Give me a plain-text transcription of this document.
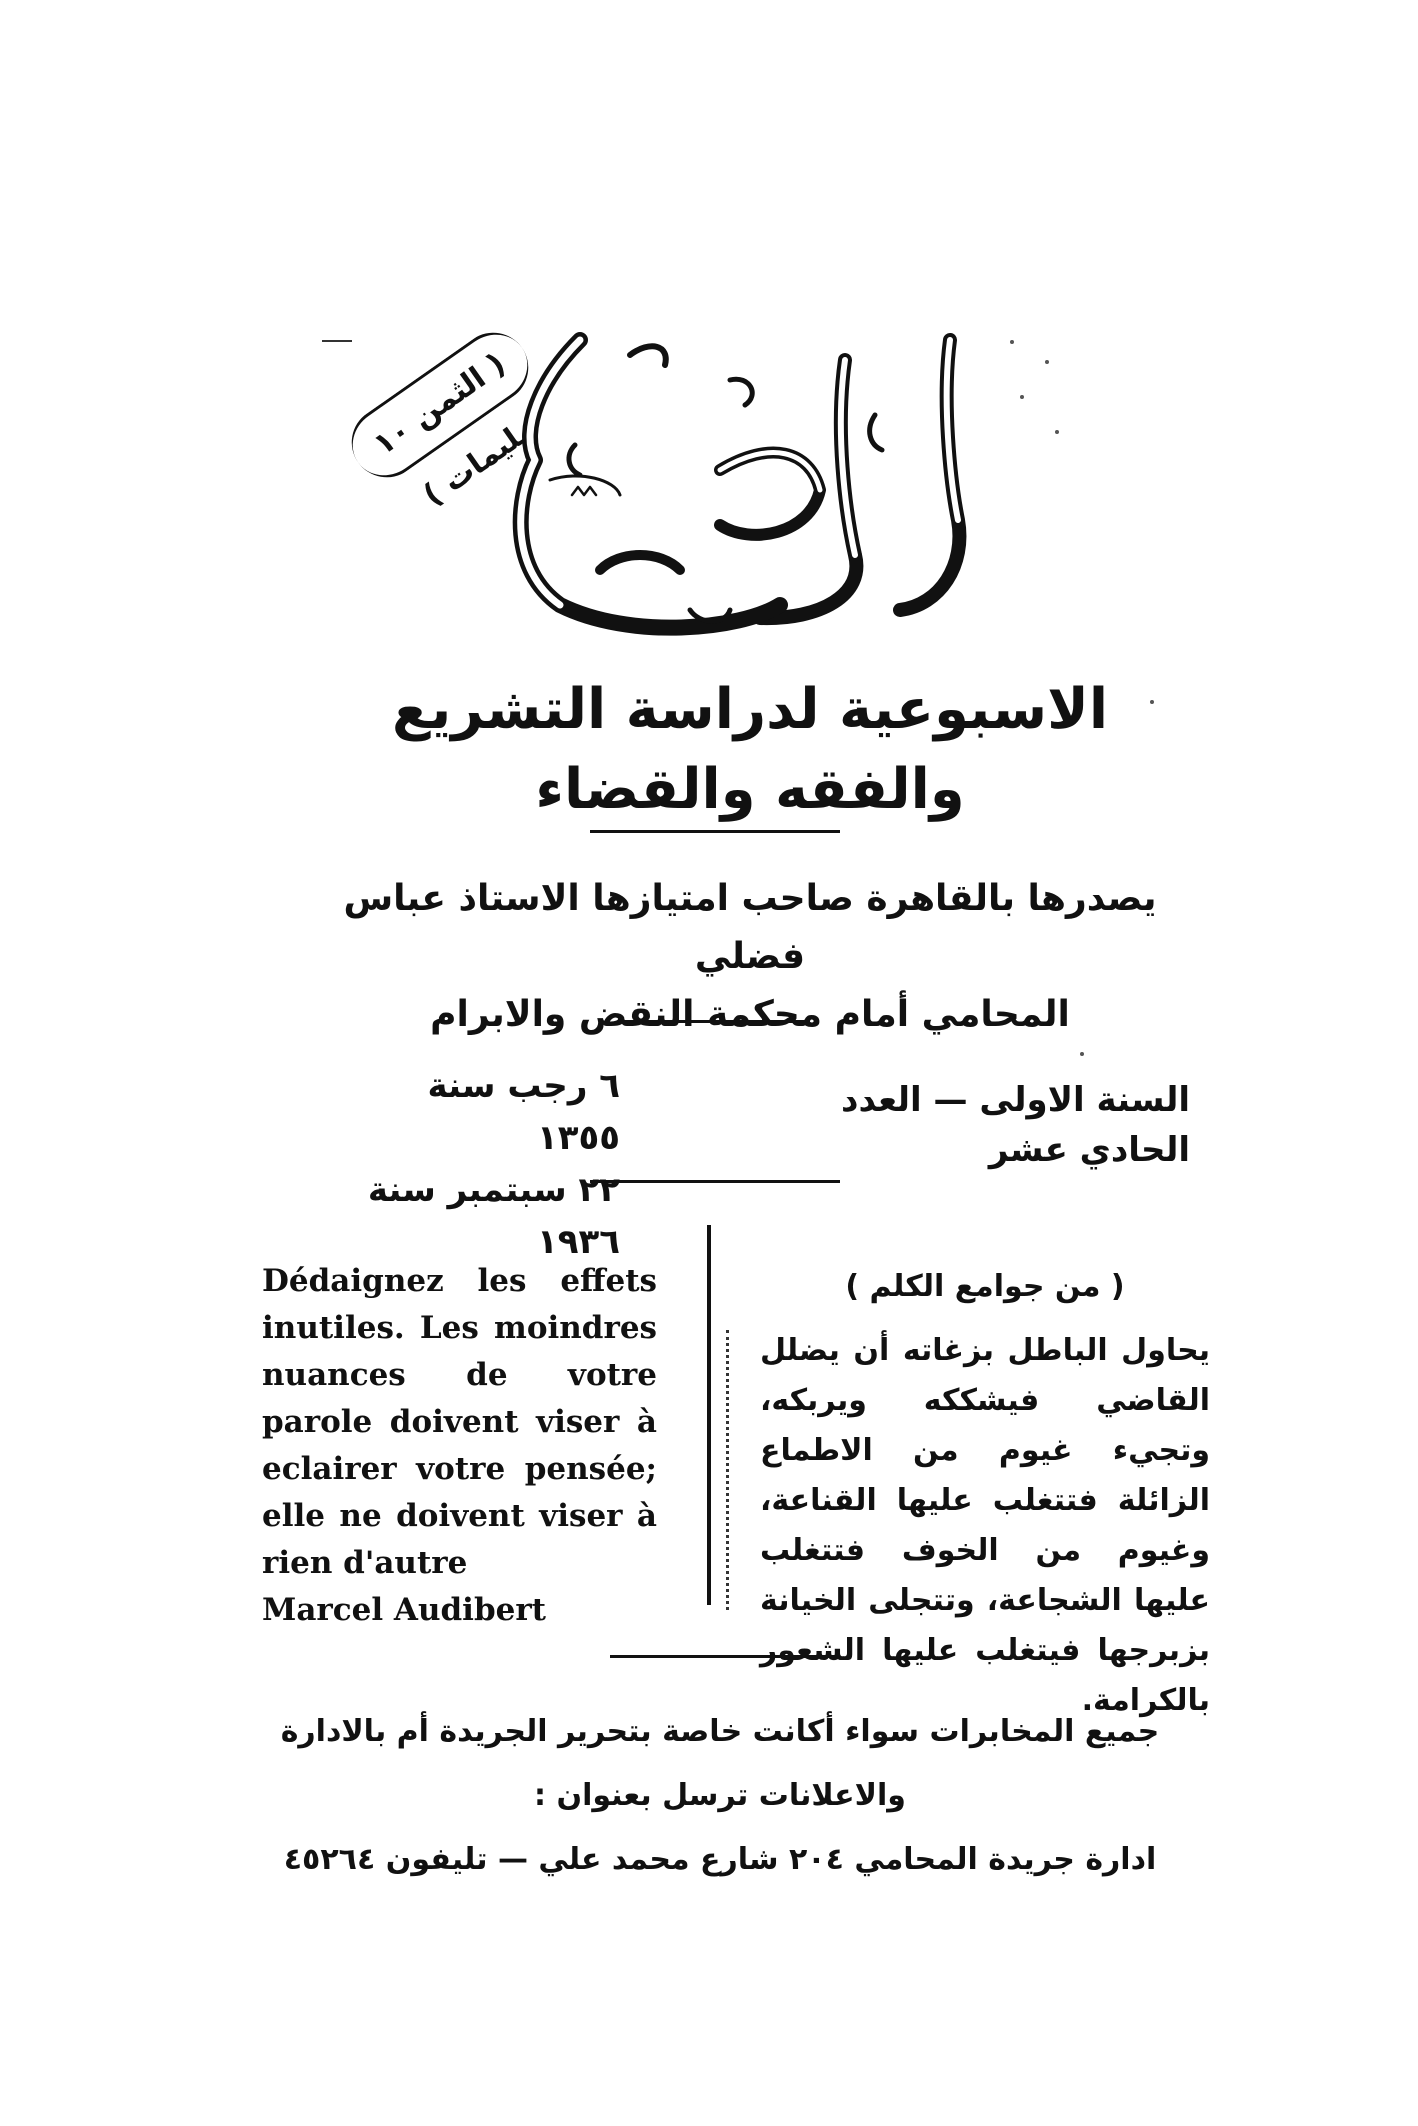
( الثمن ١٠ مليمات )
الاسبوعية لدراسة التشريع والفقه والقضاء
يصدرها بالقاهرة صاحب امتيازها الاستاذ عباس فضلي
المحامي أمام محكمة النقض والابرام
السنة الاولى — العدد الحادي عشر
٦ رجب سنة ١٣٥٥
٢٢ سبتمبر سنة ١٩٣٦
Dédaignez les effets inutiles. Les moindres nuances de votre parole doivent viser à eclairer votre pensée; elle ne doivent viser à rien d'autre
Marcel Audibert
( من جوامع الكلم )
يحاول الباطل بزغاته أن يضلل القاضي فيشككه ويربكه، وتجيء غيوم من الاطماع الزائلة فتتغلب عليها القناعة، وغيوم من الخوف فتتغلب عليها الشجاعة، وتتجلى الخيانة بزبرجها فيتغلب عليها الشعور بالكرامة.
جميع المخابرات سواء أكانت خاصة بتحرير الجريدة أم بالادارة والاعلانات ترسل بعنوان :
ادارة جريدة المحامي ٢٠٤ شارع محمد علي — تليفون ٤٥٢٦٤
